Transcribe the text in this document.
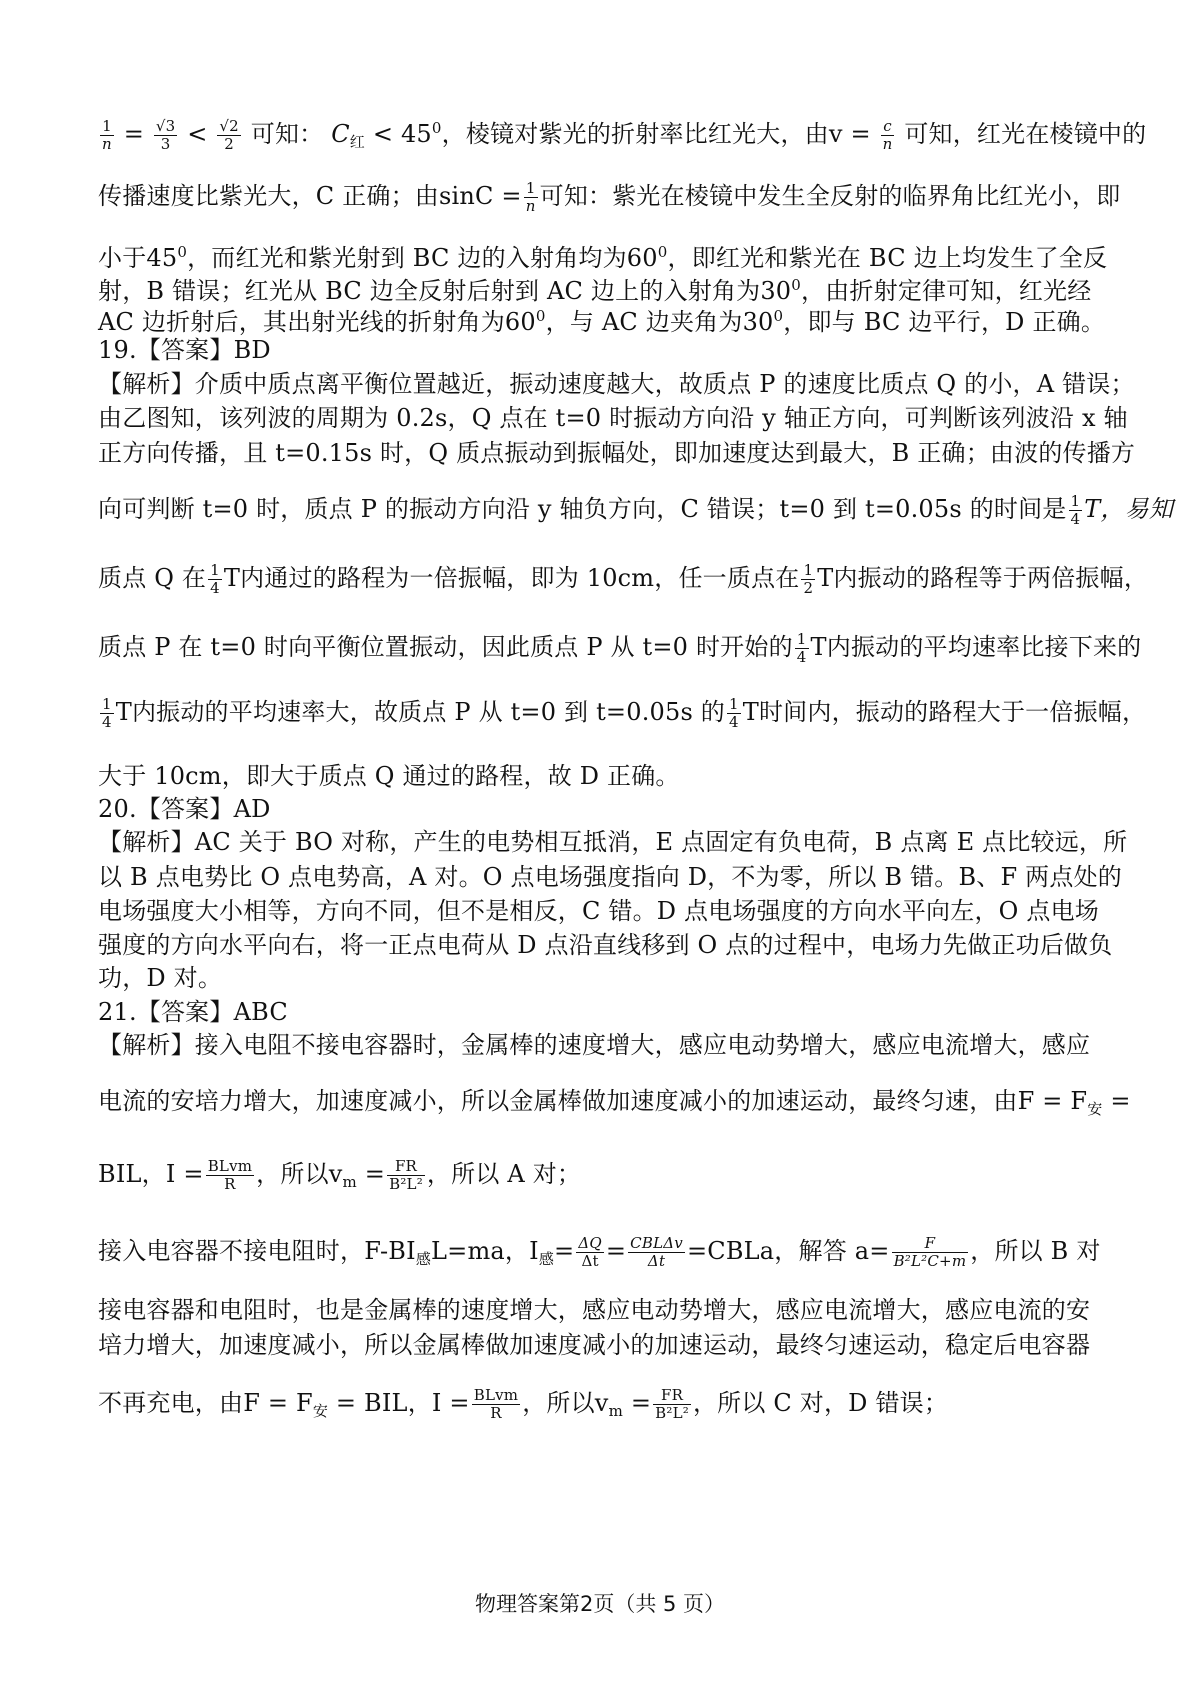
$\frac{1}{n} = \frac{√3}{3} < \frac{√2}{2}$ 可知： $C_红 < 45^0$，棱镜对紫光的折射率比红光大，由$v = \frac{c}{n}$ 可知，红光在棱镜中的
传播速度比紫光大，C 正确；由$\sin C = \frac{1}{n}$ 可知：紫光在棱镜中发生全反射的临界角比红光小，即
小于$45^0$，而红光和紫光射到 BC 边的入射角均为$60^0$，即红光和紫光在 BC 边上均发生了全反
射，B 错误；红光从 BC 边全反射后射到 AC 边上的入射角为$30^0$，由折射定律可知，红光经
AC 边折射后，其出射光线的折射角为$60^0$，与 AC 边夹角为$30^0$，即与 BC 边平行，D 正确。
19.【答案】BD
【解析】介质中质点离平衡位置越近，振动速度越大，故质点 P 的速度比质点 Q 的小，A 错误；
由乙图知，该列波的周期为 0.2s，Q 点在 t=0 时振动方向沿 y 轴正方向，可判断该列波沿 x 轴
正方向传播，且 t=0.15s 时，Q 质点振动到振幅处，即加速度达到最大，B 正确；由波的传播方
向可判断 t=0 时，质点 P 的振动方向沿 y 轴负方向，C 错误；t=0 到 t=0.05s 的时间是 $\frac{1}{4}$ T，易知
质点 Q 在 $\frac{1}{4}$ T内通过的路程为一倍振幅，即为 10cm，任一质点在 $\frac{1}{2}$ T内振动的路程等于两倍振幅，
质点 P 在 t=0 时向平衡位置振动，因此质点 P 从 t=0 时开始的 $\frac{1}{4}$ T内振动的平均速率比接下来的
$\frac{1}{4}$ T内振动的平均速率大，故质点 P 从 t=0 到 t=0.05s 的 $\frac{1}{4}$ T时间内，振动的路程大于一倍振幅，
大于 10cm，即大于质点 Q 通过的路程，故 D 正确。
20.【答案】AD
【解析】AC 关于 BO 对称，产生的电势相互抵消，E 点固定有负电荷，B 点离 E 点比较远，所
以 B 点电势比 O 点电势高，A 对。O 点电场强度指向 D，不为零，所以 B 错。B、F 两点处的
电场强度大小相等，方向不同，但不是相反，C 错。D 点电场强度的方向水平向左，O 点电场
强度的方向水平向右，将一正点电荷从 D 点沿直线移到 O 点的过程中，电场力先做正功后做负
功，D 对。
21.【答案】ABC
【解析】接入电阻不接电容器时，金属棒的速度增大，感应电动势增大，感应电流增大，感应
电流的安培力增大，加速度减小，所以金属棒做加速度减小的加速运动，最终匀速，由$F = F_安$ =
BIL，$I = \frac{\text{BLvm}}{R}$ ，所以$v_m = \frac{FR}{\text{B²L²}}$ ，所以 A 对；
接入电容器不接电阻时，$F-BI_感L=ma$，$I_感= \frac{\Delta Q}{\Delta t} = \frac{\text{CBLΔv}}{\Delta t}$ =CBLa，解答 $a= \frac{F}{\text{B²L²C+m}}$ ，所以 B 对
接电容器和电阻时，也是金属棒的速度增大，感应电动势增大，感应电流增大，感应电流的安
培力增大，加速度减小，所以金属棒做加速度减小的加速运动，最终匀速运动，稳定后电容器
不再充电，由$F = F_安$ = BIL，$I = \frac{\text{BLvm}}{R}$ ，所以$v_m = \frac{FR}{\text{B²L²}}$ ，所以 C 对，D 错误；
物理答案第2页（共 5 页）
